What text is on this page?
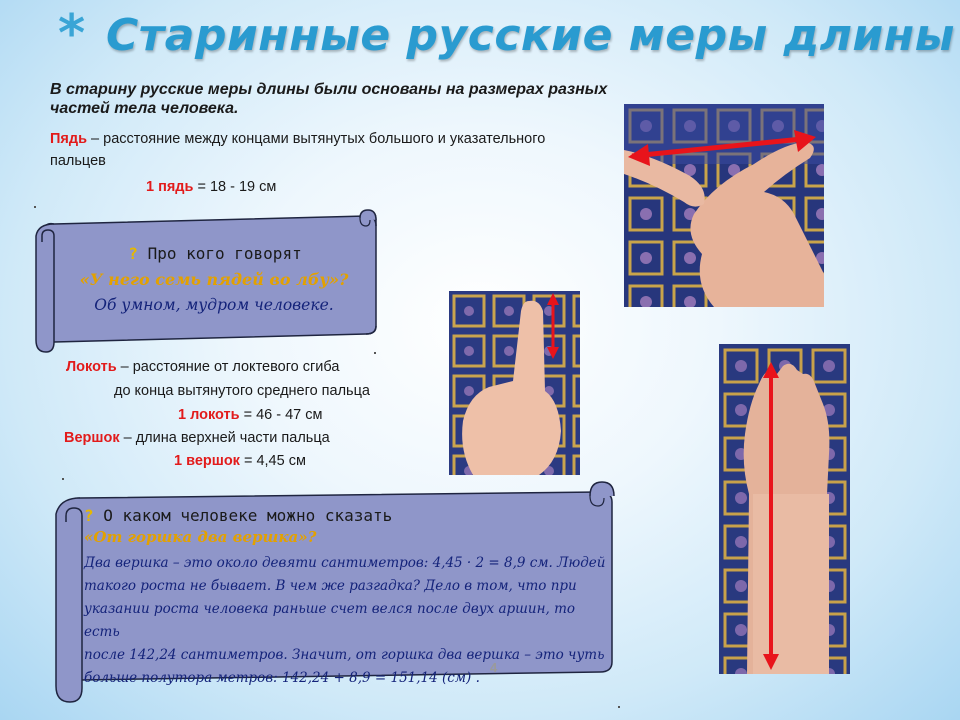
* Старинные русские меры длины
В старину русские меры длины были основаны на размерах разных частей тела человека.
Пядь – расстояние между концами вытянутых большого и указательного пальцев
1 пядь = 18 - 19 см
? Про кого говорят
«У него семь пядей во лбу»?
Об умном, мудром человеке.
Локоть – расстояние от локтевого сгиба
до конца вытянутого среднего пальца
1 локоть = 46 - 47 см
Вершок – длина верхней части пальца
1 вершок = 4,45 см
? О каком человеке можно сказать
«От горшка два вершка»?
Два вершка – это около девяти сантиметров: 4,45 · 2 = 8,9 см. Людей
такого роста не бывает. В чем же разгадка? Дело в том, что при
указании роста человека раньше счет велся после двух аршин, то есть
после 142,24 сантиметров. Значит, от горшка два вершка – это чуть
больше полутора метров: 142,24 + 8,9 = 151,14 (см) .
4
